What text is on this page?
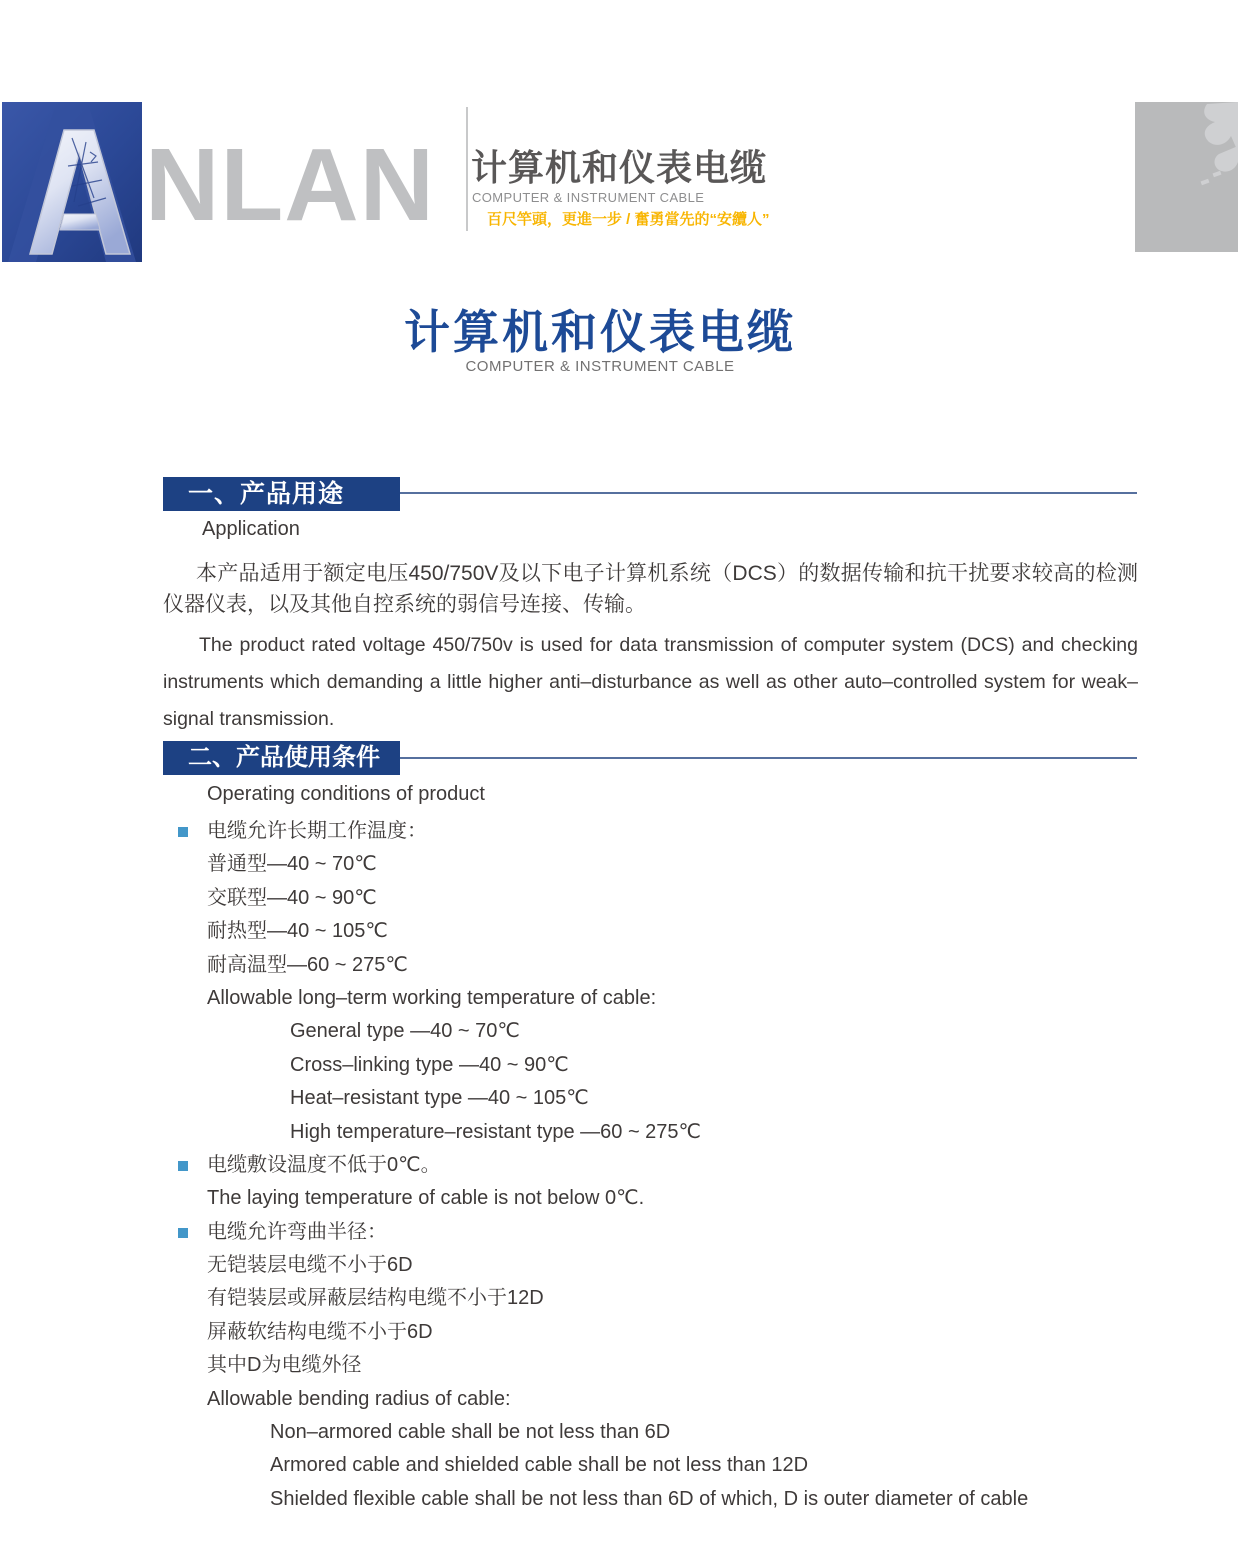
NLAN 计算机和仪表电缆
COMPUTER & INSTRUMENT CABLE
百尺竿頭，更進一步 / 奮勇當先的“安纜人”
计算机和仪表电缆
COMPUTER & INSTRUMENT CABLE
一、产品用途
Application
本产品适用于额定电压450/750V及以下电子计算机系统（DCS）的数据传输和抗干扰要求较高的检测仪器仪表，以及其他自控系统的弱信号连接、传输。
The product rated voltage 450/750v is used for data transmission of computer system (DCS) and checking instruments which demanding a little higher anti–disturbance as well as other auto–controlled system for weak–signal transmission.
二、产品使用条件
Operating conditions of product
电缆允许长期工作温度：
普通型—40 ~ 70℃
交联型—40 ~ 90℃
耐热型—40 ~ 105℃
耐高温型—60 ~ 275℃
Allowable long–term working temperature of cable:
General type —40 ~ 70℃
Cross–linking type —40 ~ 90℃
Heat–resistant type —40 ~ 105℃
High temperature–resistant type —60 ~ 275℃
电缆敷设温度不低于0℃。
The laying temperature of cable is not below 0℃.
电缆允许弯曲半径：
无铠装层电缆不小于6D
有铠装层或屏蔽层结构电缆不小于12D
屏蔽软结构电缆不小于6D
其中D为电缆外径
Allowable bending radius of cable:
Non–armored cable shall be not less than 6D
Armored cable and shielded cable shall be not less than 12D
Shielded flexible cable shall be not less than 6D of which, D is outer diameter of cable
